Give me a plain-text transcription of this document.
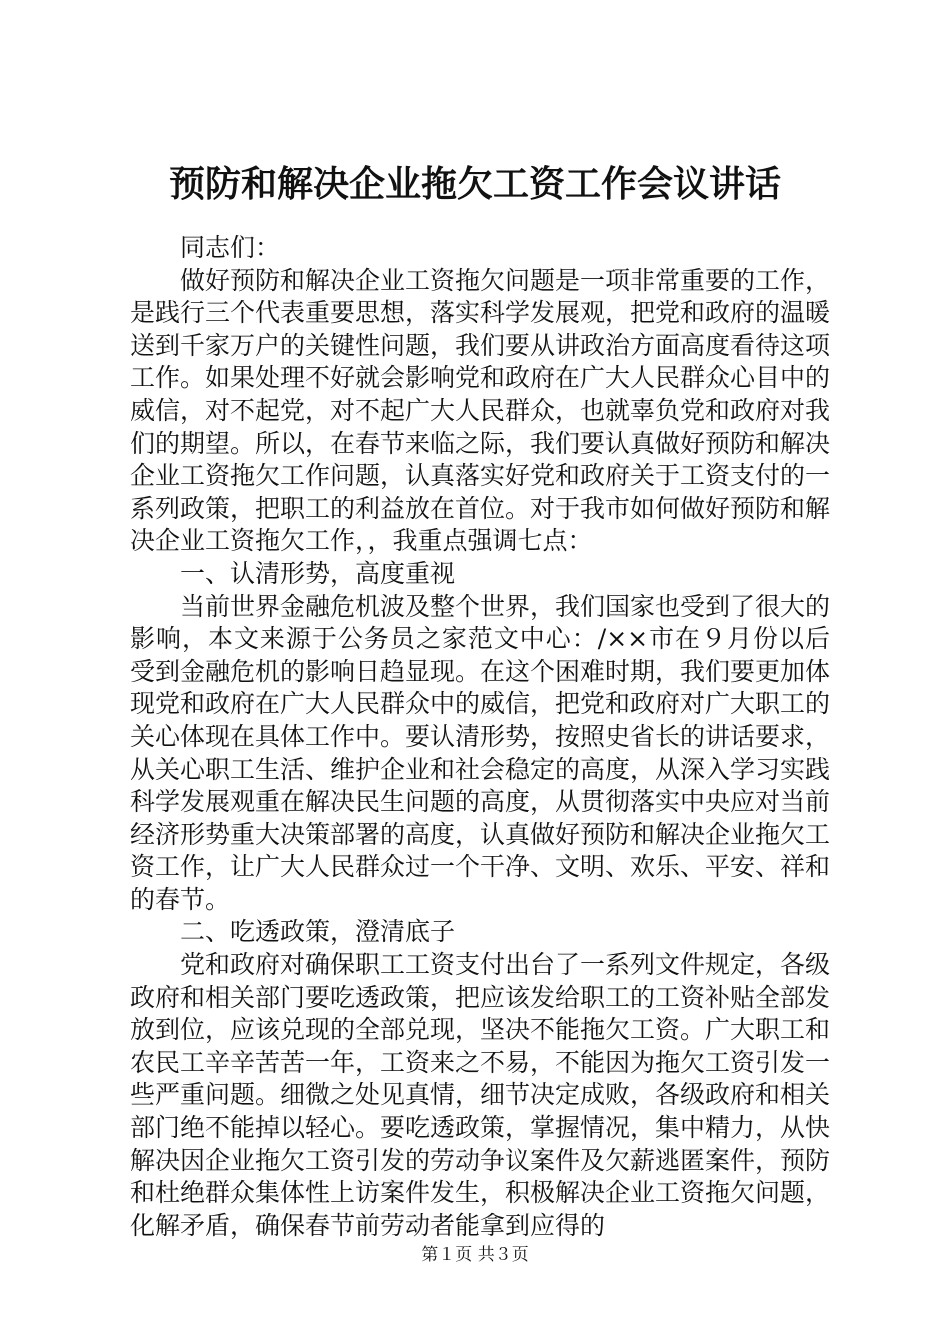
预防和解决企业拖欠工资工作会议讲话

同志们：

做好预防和解决企业工资拖欠问题是一项非常重要的工作，是践行三个代表重要思想，落实科学发展观，把党和政府的温暖送到千家万户的关键性问题，我们要从讲政治方面高度看待这项工作。如果处理不好就会影响党和政府在广大人民群众心目中的威信，对不起党，对不起广大人民群众，也就辜负党和政府对我们的期望。所以，在春节来临之际，我们要认真做好预防和解决企业工资拖欠工作问题，认真落实好党和政府关于工资支付的一系列政策，把职工的利益放在首位。对于我市如何做好预防和解决企业工资拖欠工作，，我重点强调七点：

一、认清形势，高度重视

当前世界金融危机波及整个世界，我们国家也受到了很大的影响，本文来源于公务员之家范文中心：/××市在９月份以后受到金融危机的影响日趋显现。在这个困难时期，我们要更加体现党和政府在广大人民群众中的威信，把党和政府对广大职工的关心体现在具体工作中。要认清形势，按照史省长的讲话要求，从关心职工生活、维护企业和社会稳定的高度，从深入学习实践科学发展观重在解决民生问题的高度，从贯彻落实中央应对当前经济形势重大决策部署的高度，认真做好预防和解决企业拖欠工资工作，让广大人民群众过一个干净、文明、欢乐、平安、祥和的春节。

二、吃透政策，澄清底子

党和政府对确保职工工资支付出台了一系列文件规定，各级政府和相关部门要吃透政策，把应该发给职工的工资补贴全部发放到位，应该兑现的全部兑现，坚决不能拖欠工资。广大职工和农民工辛辛苦苦一年，工资来之不易，不能因为拖欠工资引发一些严重问题。细微之处见真情，细节决定成败，各级政府和相关部门绝不能掉以轻心。要吃透政策，掌握情况，集中精力，从快解决因企业拖欠工资引发的劳动争议案件及欠薪逃匿案件，预防和杜绝群众集体性上访案件发生，积极解决企业工资拖欠问题，化解矛盾，确保春节前劳动者能拿到应得的

第１页 共３页
